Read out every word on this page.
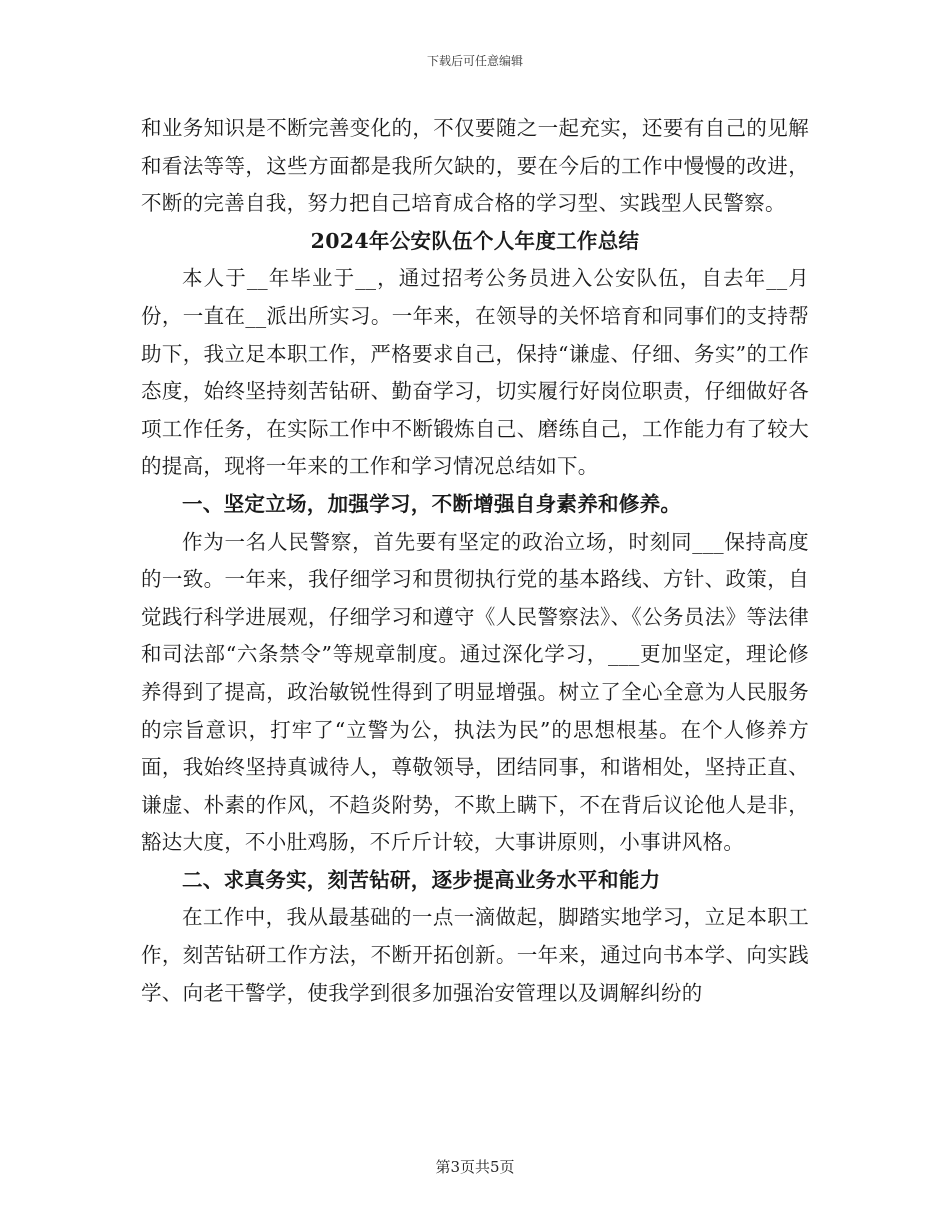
下载后可任意编辑

和业务知识是不断完善变化的，不仅要随之一起充实，还要有自己的见解和看法等等，这些方面都是我所欠缺的，要在今后的工作中慢慢的改进，不断的完善自我，努力把自己培育成合格的学习型、实践型人民警察。

2024年公安队伍个人年度工作总结

本人于__年毕业于__，通过招考公务员进入公安队伍，自去年__月份，一直在__派出所实习。一年来，在领导的关怀培育和同事们的支持帮助下，我立足本职工作，严格要求自己，保持“谦虚、仔细、务实”的工作态度，始终坚持刻苦钻研、勤奋学习，切实履行好岗位职责，仔细做好各项工作任务，在实际工作中不断锻炼自己、磨练自己，工作能力有了较大的提高，现将一年来的工作和学习情况总结如下。

一、坚定立场，加强学习，不断增强自身素养和修养。

作为一名人民警察，首先要有坚定的政治立场，时刻同___保持高度的一致。一年来，我仔细学习和贯彻执行党的基本路线、方针、政策，自觉践行科学进展观，仔细学习和遵守《人民警察法》、《公务员法》等法律和司法部“六条禁令”等规章制度。通过深化学习，___更加坚定，理论修养得到了提高，政治敏锐性得到了明显增强。树立了全心全意为人民服务的宗旨意识，打牢了“立警为公，执法为民”的思想根基。在个人修养方面，我始终坚持真诚待人，尊敬领导，团结同事，和谐相处，坚持正直、谦虚、朴素的作风，不趋炎附势，不欺上瞒下，不在背后议论他人是非，豁达大度，不小肚鸡肠，不斤斤计较，大事讲原则，小事讲风格。

二、求真务实，刻苦钻研，逐步提高业务水平和能力

在工作中，我从最基础的一点一滴做起，脚踏实地学习，立足本职工作，刻苦钻研工作方法，不断开拓创新。一年来，通过向书本学、向实践学、向老干警学，使我学到很多加强治安管理以及调解纠纷的

第3页共5页
